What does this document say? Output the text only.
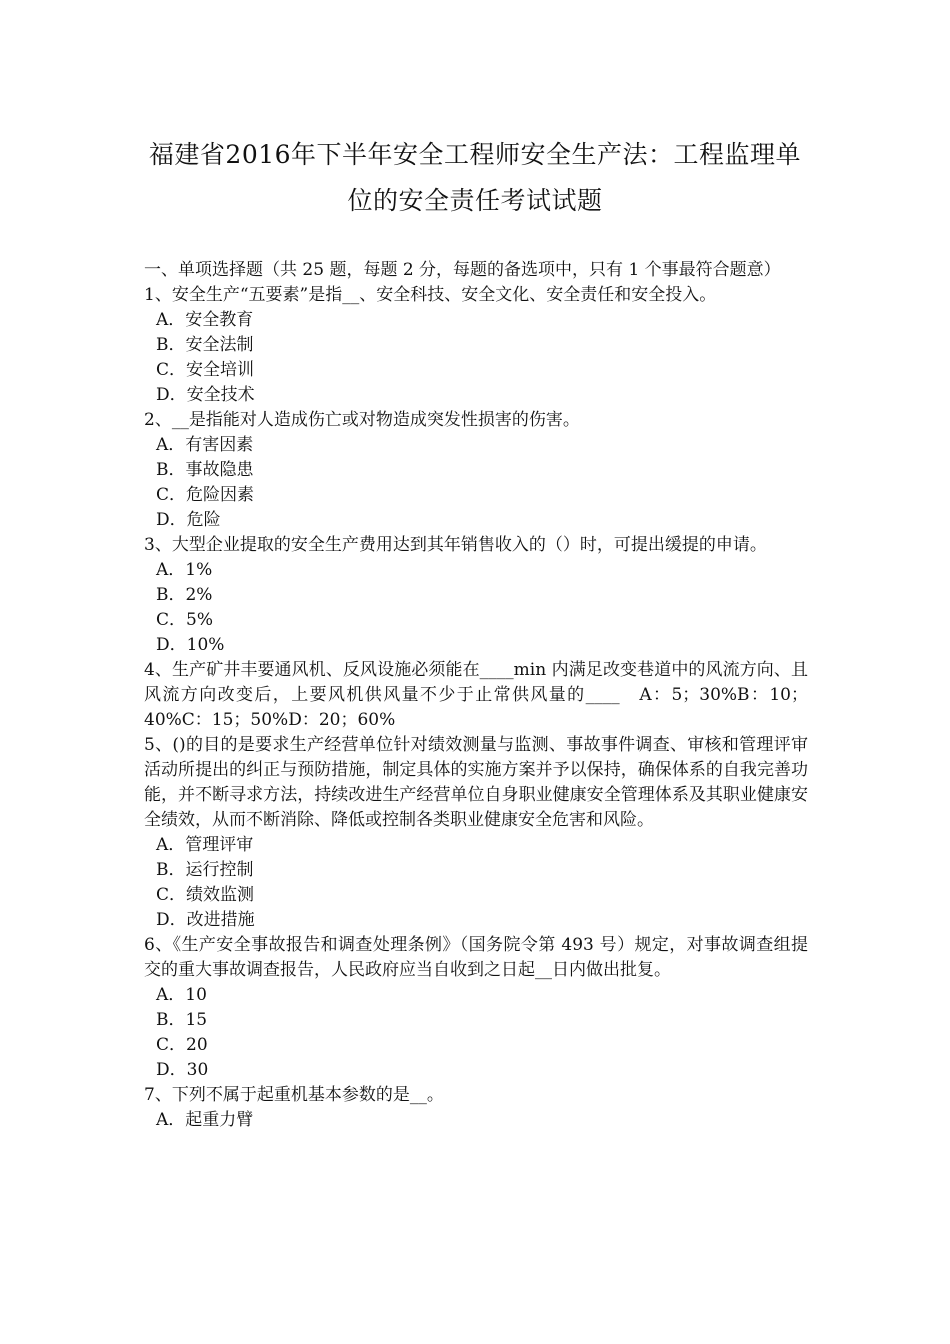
福建省2016年下半年安全工程师安全生产法：工程监理单
位的安全责任考试试题

一、单项选择题（共 25 题，每题 2 分，每题的备选项中，只有 1 个事最符合题意）

1、安全生产“五要素”是指__、安全科技、安全文化、安全责任和安全投入。

A．安全教育

B．安全法制

C．安全培训

D．安全技术

2、__是指能对人造成伤亡或对物造成突发性损害的伤害。

A．有害因素

B．事故隐患

C．危险因素

D．危险

3、大型企业提取的安全生产费用达到其年销售收入的（）时，可提出缓提的申请。

A．1%

B．2%

C．5%

D．10%

4、生产矿井丰要通风机、反风设施必须能在____min 内满足改变巷道中的风流方向、且风流方向改变后，上要风机供风量不少于止常供风量的____　A：5；30%B：10；40%C：15；50%D：20；60%

5、()的目的是要求生产经营单位针对绩效测量与监测、事故事件调查、审核和管理评审活动所提出的纠正与预防措施，制定具体的实施方案并予以保持，确保体系的自我完善功能，并不断寻求方法，持续改进生产经营单位自身职业健康安全管理体系及其职业健康安全绩效，从而不断消除、降低或控制各类职业健康安全危害和风险。

A．管理评审

B．运行控制

C．绩效监测

D．改进措施

6、《生产安全事故报告和调查处理条例》（国务院令第 493 号）规定，对事故调查组提交的重大事故调查报告，人民政府应当自收到之日起__日内做出批复。

A．10

B．15

C．20

D．30

7、下列不属于起重机基本参数的是__。

A．起重力臂
